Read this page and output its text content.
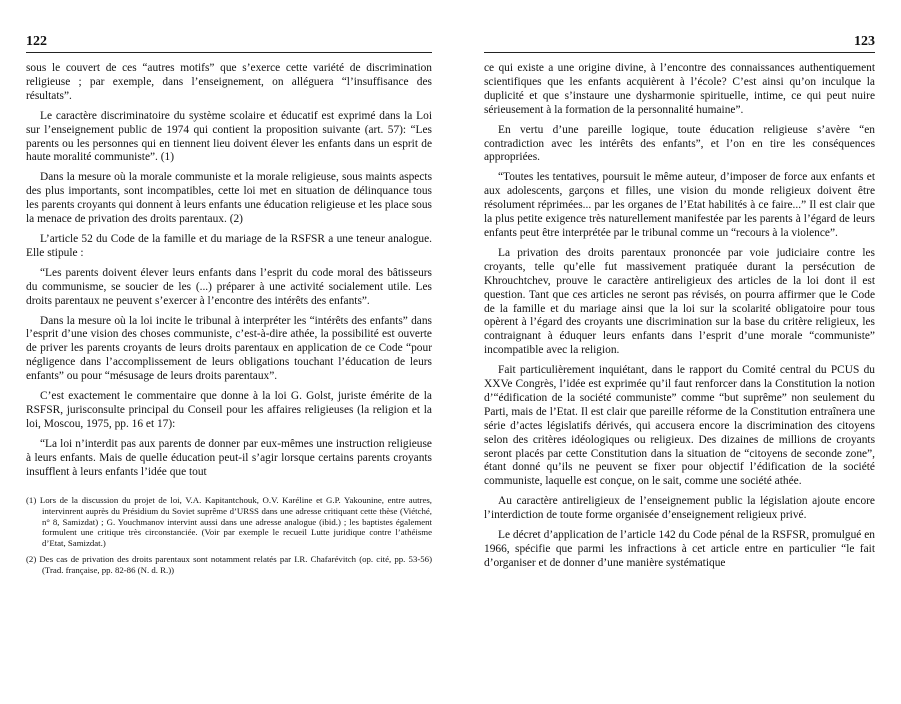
122

sous le couvert de ces “autres motifs” que s’exerce cette variété de discrimination religieuse ; par exemple, dans l’enseignement, on alléguera “l’insuffisance des résultats”.

Le caractère discriminatoire du système scolaire et éducatif est exprimé dans la Loi sur l’enseignement public de 1974 qui contient la proposition suivante (art. 57): “Les parents ou les personnes qui en tiennent lieu doivent élever les enfants dans un esprit de haute moralité communiste”. (1)

Dans la mesure où la morale communiste et la morale religieuse, sous maints aspects des plus importants, sont incompatibles, cette loi met en situation de délinquance tous les parents croyants qui donnent à leurs enfants une éducation religieuse et les place sous la menace de privation des droits parentaux. (2)

L’article 52 du Code de la famille et du mariage de la RSFSR a une teneur analogue. Elle stipule :

“Les parents doivent élever leurs enfants dans l’esprit du code moral des bâtisseurs du communisme, se soucier de les (...) préparer à une activité socialement utile. Les droits parentaux ne peuvent s’exercer à l’encontre des intérêts des enfants”.

Dans la mesure où la loi incite le tribunal à interpréter les “intérêts des enfants” dans l’esprit d’une vision des choses communiste, c’est-à-dire athée, la possibilité est ouverte de priver les parents croyants de leurs droits parentaux en application de ce Code “pour négligence dans l’accomplissement de leurs obligations touchant l’éducation de leurs enfants” ou pour “mésusage de leurs droits parentaux”.

C’est exactement le commentaire que donne à la loi G. Golst, juriste émérite de la RSFSR, jurisconsulte principal du Conseil pour les affaires religieuses (la religion et la loi, Moscou, 1975, pp. 16 et 17):

“La loi n’interdit pas aux parents de donner par eux-mêmes une instruction religieuse à leurs enfants. Mais de quelle éducation peut-il s’agir lorsque certains parents croyants insufflent à leurs enfants l’idée que tout

(1) Lors de la discussion du projet de loi, V.A. Kapitantchouk, O.V. Karéline et G.P. Yakounine, entre autres, intervinrent auprès du Présidium du Soviet suprême d’URSS dans une adresse critiquant cette thèse (Viétché, n° 8, Samizdat) ; G. Youchmanov intervint aussi dans une adresse analogue (ibid.) ; les baptistes également formulent une critique très circonstanciée. (Voir par exemple le recueil Lutte juridique contre l’athéisme d’Etat, Samizdat.)

(2) Des cas de privation des droits parentaux sont notamment relatés par I.R. Chafarévitch (op. cité, pp. 53-56) (Trad. française, pp. 82-86 (N. d. R.))

123

ce qui existe a une origine divine, à l’encontre des connaissances authentiquement scientifiques que les enfants acquièrent à l’école? C’est ainsi qu’on inculque la duplicité et que s’instaure une dysharmonie spirituelle, intime, ce qui peut nuire sérieusement à la formation de la personnalité humaine”.

En vertu d’une pareille logique, toute éducation religieuse s’avère “en contradiction avec les intérêts des enfants”, et l’on en tire les conséquences appropriées.

“Toutes les tentatives, poursuit le même auteur, d’imposer de force aux enfants et aux adolescents, garçons et filles, une vision du monde religieux doivent être résolument réprimées... par les organes de l’Etat habilités à ce faire...” Il est clair que la plus petite exigence très naturellement manifestée par les parents à l’égard de leurs enfants peut être interprétée par le tribunal comme un “recours à la violence”.

La privation des droits parentaux prononcée par voie judiciaire contre les croyants, telle qu’elle fut massivement pratiquée durant la persécution de Khrouchtchev, prouve le caractère antireligieux des articles de la loi dont il est question. Tant que ces articles ne seront pas révisés, on pourra affirmer que le Code de la famille et du mariage ainsi que la loi sur la scolarité obligatoire pour tous opèrent à l’égard des croyants une discrimination sur la base du critère religieux, les contraignant à éduquer leurs enfants dans l’esprit d’une morale “communiste” incompatible avec la religion.

Fait particulièrement inquiétant, dans le rapport du Comité central du PCUS du XXVe Congrès, l’idée est exprimée qu’il faut renforcer dans la Constitution la notion d’“édification de la société communiste” comme “but suprême” non seulement du Parti, mais de l’Etat. Il est clair que pareille réforme de la Constitution entraînera une série d’actes législatifs dérivés, qui accusera encore la discrimination des citoyens selon des critères idéologiques ou religieux. Des dizaines de millions de croyants seront placés par cette Constitution dans la situation de “citoyens de seconde zone”, étant donné qu’ils ne peuvent se fixer pour objectif l’édification de la société communiste, laquelle est conçue, on le sait, comme une société athée.

Au caractère antireligieux de l’enseignement public la législation ajoute encore l’interdiction de toute forme organisée d’enseignement religieux privé.

Le décret d’application de l’article 142 du Code pénal de la RSFSR, promulgué en 1966, spécifie que parmi les infractions à cet article entre en particulier “le fait d’organiser et de donner d’une manière systématique
